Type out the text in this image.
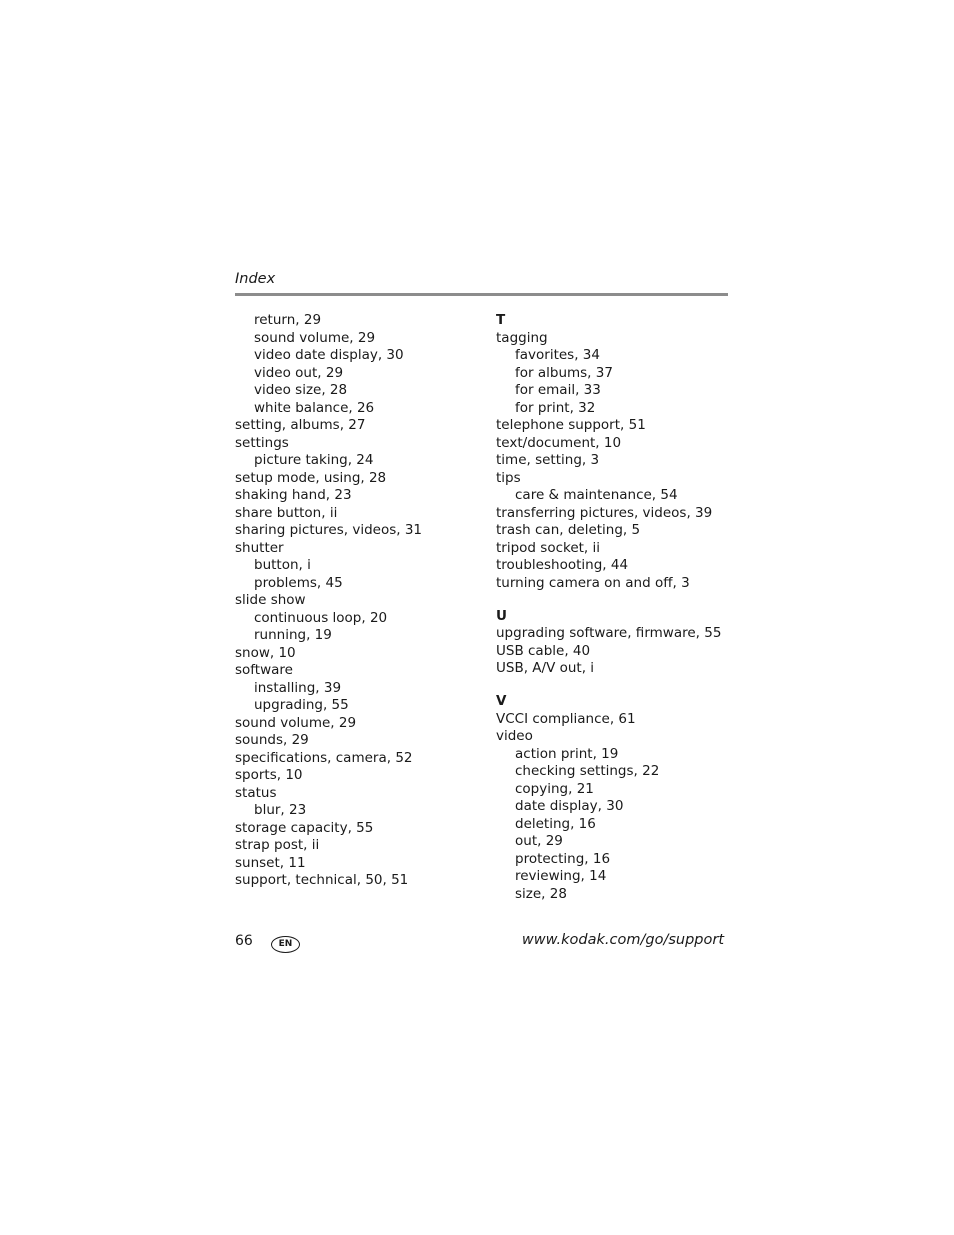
Index
return, 29
sound volume, 29
video date display, 30
video out, 29
video size, 28
white balance, 26
setting, albums, 27
settings
picture taking, 24
setup mode, using, 28
shaking hand, 23
share button, ii
sharing pictures, videos, 31
shutter
button, i
problems, 45
slide show
continuous loop, 20
running, 19
snow, 10
software
installing, 39
upgrading, 55
sound volume, 29
sounds, 29
specifications, camera, 52
sports, 10
status
blur, 23
storage capacity, 55
strap post, ii
sunset, 11
support, technical, 50, 51
T
tagging
favorites, 34
for albums, 37
for email, 33
for print, 32
telephone support, 51
text/document, 10
time, setting, 3
tips
care & maintenance, 54
transferring pictures, videos, 39
trash can, deleting, 5
tripod socket, ii
troubleshooting, 44
turning camera on and off, 3
U
upgrading software, firmware, 55
USB cable, 40
USB, A/V out, i
V
VCCI compliance, 61
video
action print, 19
checking settings, 22
copying, 21
date display, 30
deleting, 16
out, 29
protecting, 16
reviewing, 14
size, 28
66	EN	www.kodak.com/go/support
